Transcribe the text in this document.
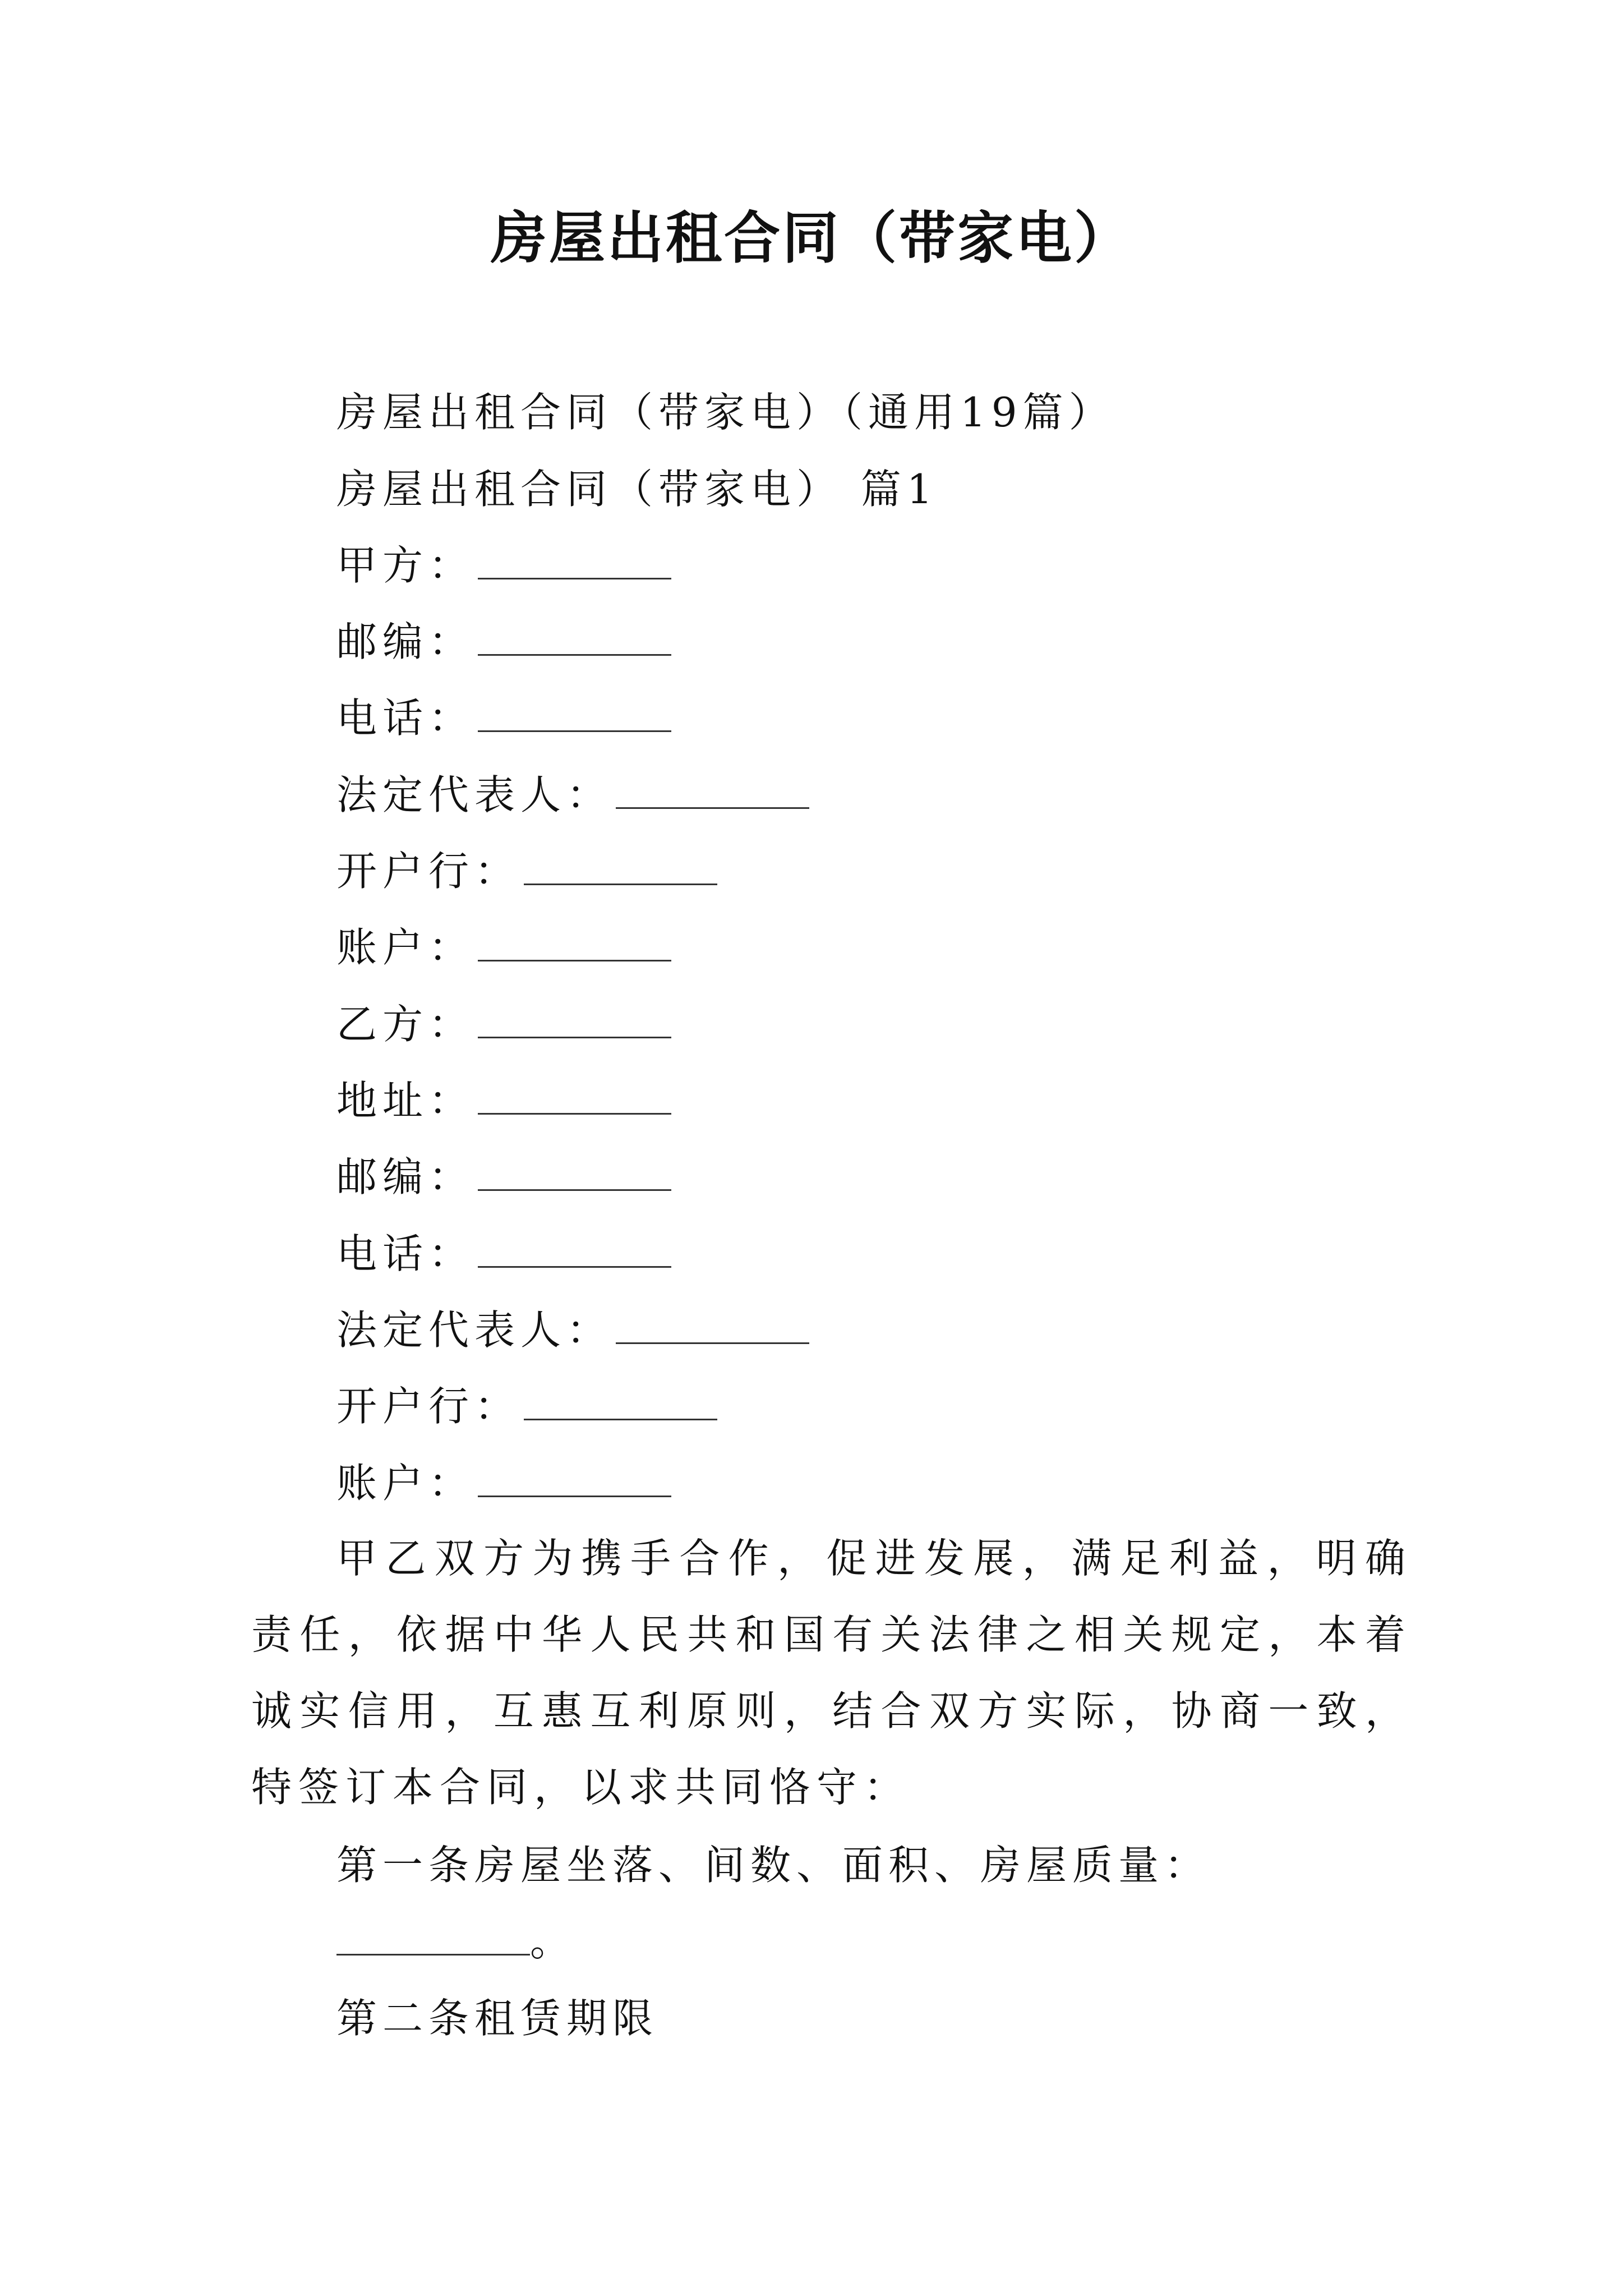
房屋出租合同（带家电）
房屋出租合同（带家电）（通用19篇）
房屋出租合同（带家电） 篇1
甲方：
邮编：
电话：
法定代表人：
开户行：
账户：
乙方：
地址：
邮编：
电话：
法定代表人：
开户行：
账户：
甲乙双方为携手合作，促进发展，满足利益，明确责任，依据中华人民共和国有关法律之相关规定，本着诚实信用，互惠互利原则，结合双方实际，协商一致，特签订本合同，以求共同恪守：
第一条房屋坐落、间数、面积、房屋质量：
。
第二条租赁期限
